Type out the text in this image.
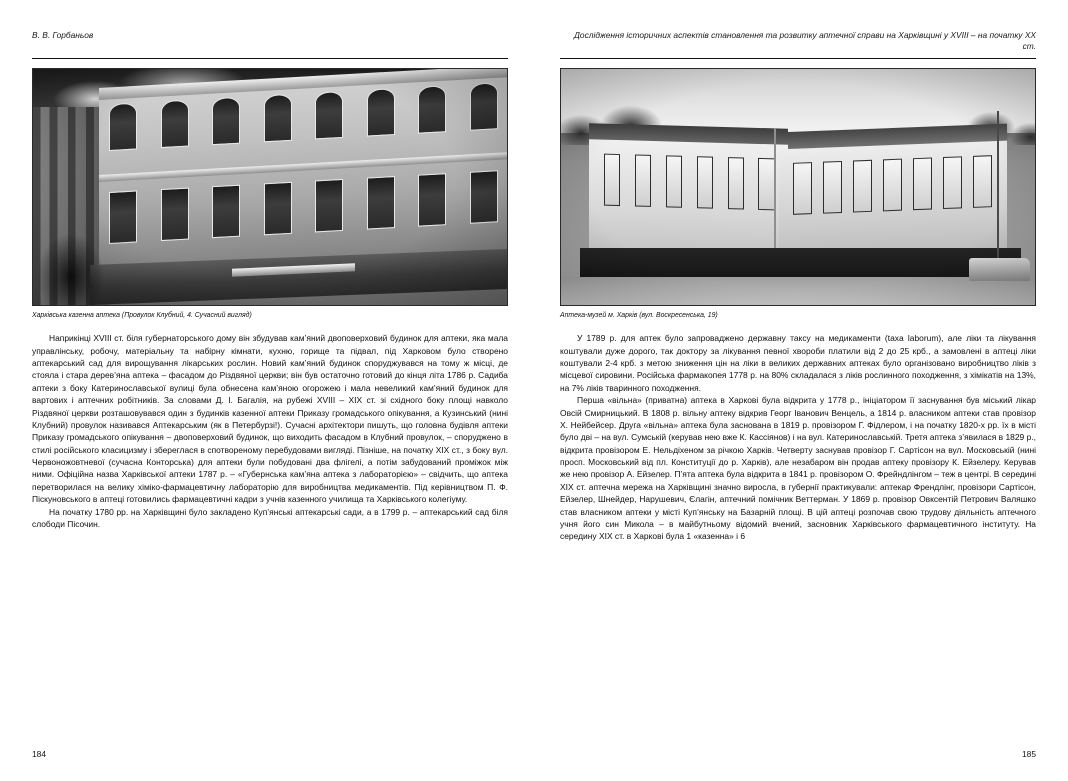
В. В. Горбаньов
Харківська казенна аптека (Провулок Клубний, 4. Сучасний вигляд)

Наприкінці XVIII ст. біля губернаторського дому він збудував кам’яний двоповерховий будинок для аптеки, яка мала управлінську, робочу, матеріальну та набірну кімнати, кухню, горище та підвал, під Харковом було створено аптекарський сад для вирощування лікарських рослин. Новий кам’яний будинок споруджувався на тому ж місці, де стояла і стара дерев’яна аптека – фасадом до Різдвяної церкви; він був остаточно готовий до кінця літа 1786 р. Садиба аптеки з боку Катеринославської вулиці була обнесена кам’яною огорожею і мала невеликий кам’яний будинок для вартових і аптечних робітників. За словами Д. І. Багалія, на рубежі XVIII – XIX ст. зі східного боку площі навколо Різдвяної церкви розташовувався один з будинків казенної аптеки Приказу громадського опікування, а Кузинський (нині Клубний) провулок називався Аптекарським (як в Петербурзі!). Сучасні архітектори пишуть, що головна будівля аптеки Приказу громадського опікування – двоповерховий будинок, що виходить фасадом в Клубний провулок, – споруджено в стилі російського класицизму і збереглася в спотвореному перебудовами вигляді. Пізніше, на початку XIX ст., з боку вул. Червоножовтневої (сучасна Конторська) для аптеки були побудовані два флігелі, а потім забудований проміжок між ними. Офіційна назва Харківської аптеки 1787 р. – «Губернська кам’яна аптека з лабораторією» – свідчить, що аптека перетворилася на велику хіміко-фармацевтичну лабораторію для виробництва медикаментів. Під керівництвом П. Ф. Піскуновського в аптеці готовились фармацевтичні кадри з учнів казенного училища та Харківського колегіуму.

На початку 1780 рр. на Харківщині було закладено Куп’янські аптекарські сади, а в 1799 р. – аптекарський сад біля слободи Пісочин.

184
Дослідження історичних аспектів становлення та розвитку аптечної справи на Харківщині у XVIII – на початку XX ст.
Аптека-музей м. Харків (вул. Воскресенська, 19)

У 1789 р. для аптек було запроваджено державну таксу на медикаменти (taxa laborum), але ліки та лікування коштували дуже дорого, так доктору за лікування певної хвороби платили від 2 до 25 крб., а замовлені в аптеці ліки коштували 2-4 крб. з метою зниження цін на ліки в великих державних аптеках було організовано виробництво ліків з місцевої сировини. Російська фармакопея 1778 р. на 80% складалася з ліків рослинного походження, з хімікатів на 13%, на 7% ліків тваринного походження.

Перша «вільна» (приватна) аптека в Харкові була відкрита у 1778 р., ініціатором її заснування був міський лікар Овсій Смирницький. В 1808 р. вільну аптеку відкрив Георг Іванович Венцель, а 1814 р. власником аптеки став провізор Х. Нейбейсер. Друга «вільна» аптека була заснована в 1819 р. провізором Г. Фідлером, і на початку 1820-х рр. їх в місті було дві – на вул. Сумській (керував нею вже К. Кассіянов) і на вул. Катеринославській. Третя аптека з’явилася в 1829 р., відкрита провізором Е. Нельдіхеном за річкою Харків. Четверту заснував провізор Г. Сартісон на вул. Московській (нині просп. Московський від пл. Конституції до р. Харків), але незабаром він продав аптеку провізору К. Ейзелеру. Керував же нею провізор А. Ейзелер. П’ята аптека була відкрита в 1841 р. провізором О. Фрейндлінгом – теж в центрі. В середині XIX ст. аптечна мережа на Харківщині значно виросла, в губернії практикували: аптекар Френдлінг, провізори Сартісон, Ейзелер, Шнейдер, Нарушевич, Єлагін, аптечний помічник Веттерман. У 1869 р. провізор Овксентій Петрович Валяшко став власником аптеки у місті Куп’янську на Базарній площі. В цій аптеці розпочав свою трудову діяльність аптечного учня його син Микола – в майбутньому відомий вчений, засновник Харківського фармацевтичного інституту. На середину XIX ст. в Харкові була 1 «казенна» і 6

185
